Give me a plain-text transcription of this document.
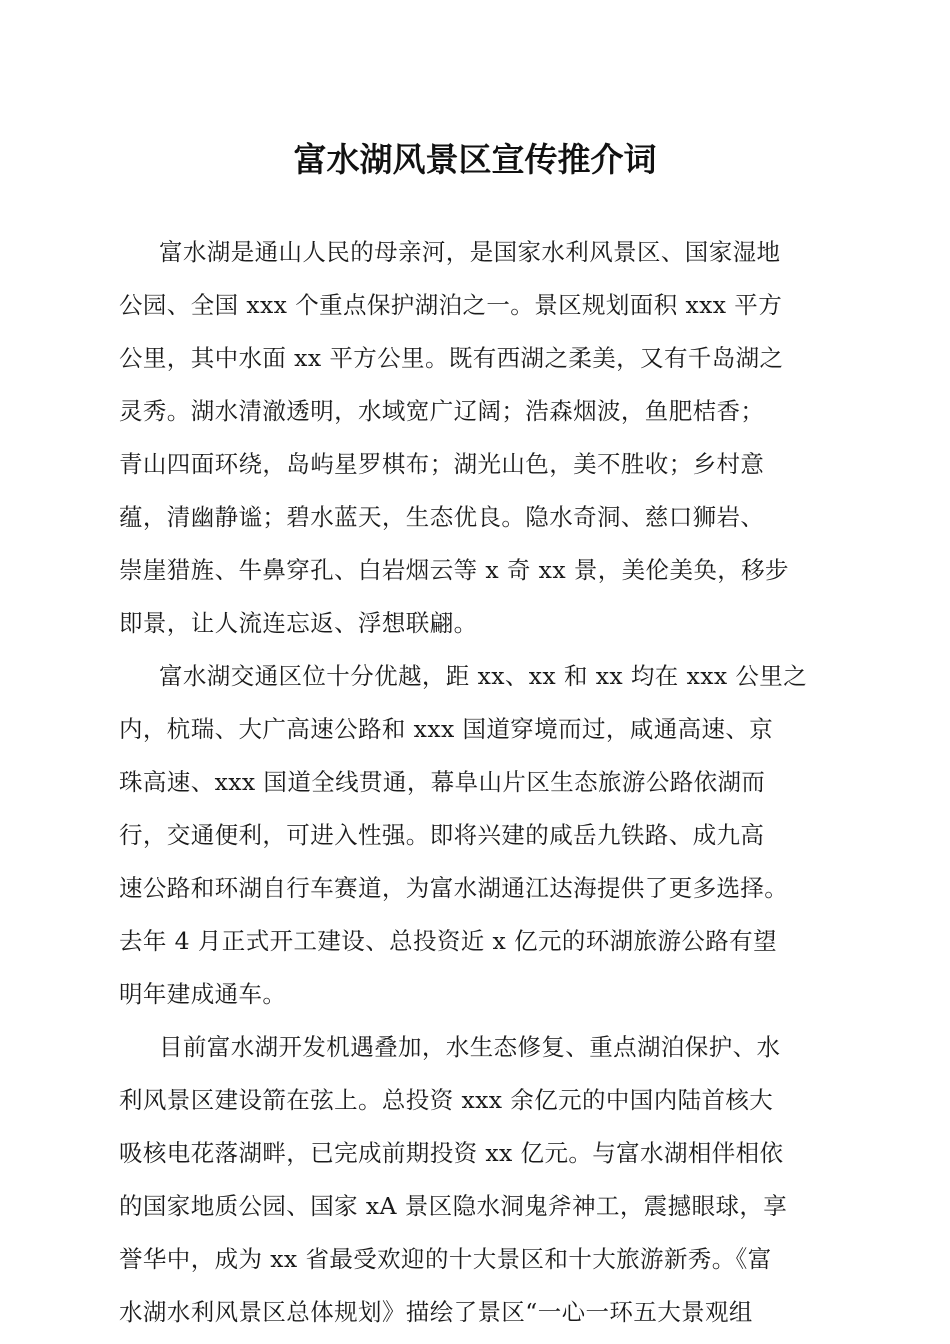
富水湖风景区宣传推介词
富水湖是通山人民的母亲河，是国家水利风景区、国家湿地
公园、全国 xxx 个重点保护湖泊之一。景区规划面积 xxx 平方
公里，其中水面 xx 平方公里。既有西湖之柔美，又有千岛湖之
灵秀。湖水清澈透明，水域宽广辽阔；浩森烟波，鱼肥桔香；
青山四面环绕，岛屿星罗棋布；湖光山色，美不胜收；乡村意
蕴，清幽静谧；碧水蓝天，生态优良。隐水奇洞、慈口狮岩、
崇崖猎旌、牛鼻穿孔、白岩烟云等 x 奇 xx 景，美伦美奂，移步
即景，让人流连忘返、浮想联翩。
富水湖交通区位十分优越，距 xx、xx 和 xx 均在 xxx 公里之
内，杭瑞、大广高速公路和 xxx 国道穿境而过，咸通高速、京
珠高速、xxx 国道全线贯通，幕阜山片区生态旅游公路依湖而
行，交通便利，可进入性强。即将兴建的咸岳九铁路、成九高
速公路和环湖自行车赛道，为富水湖通江达海提供了更多选择。
去年 4 月正式开工建设、总投资近 x 亿元的环湖旅游公路有望
明年建成通车。
目前富水湖开发机遇叠加，水生态修复、重点湖泊保护、水
利风景区建设箭在弦上。总投资 xxx 余亿元的中国内陆首核大
吸核电花落湖畔，已完成前期投资 xx 亿元。与富水湖相伴相依
的国家地质公园、国家 xA 景区隐水洞鬼斧神工，震撼眼球，享
誉华中，成为 xx 省最受欢迎的十大景区和十大旅游新秀。《富
水湖水利风景区总体规划》描绘了景区“一心一环五大景观组
